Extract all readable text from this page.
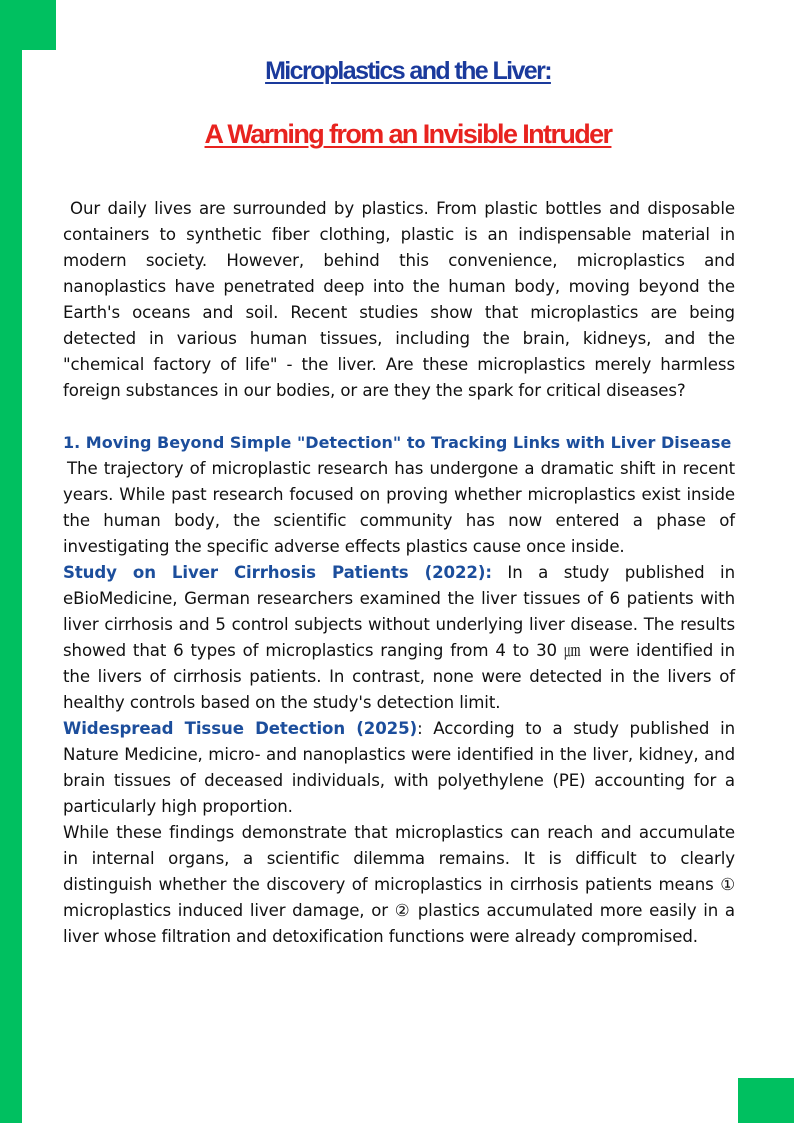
Microplastics and the Liver:
A Warning from an Invisible Intruder

Our daily lives are surrounded by plastics. From plastic bottles and disposable containers to synthetic fiber clothing, plastic is an indispensable material in modern society. However, behind this convenience, microplastics and nanoplastics have penetrated deep into the human body, moving beyond the Earth's oceans and soil. Recent studies show that microplastics are being detected in various human tissues, including the brain, kidneys, and the "chemical factory of life" - the liver. Are these microplastics merely harmless foreign substances in our bodies, or are they the spark for critical diseases?

1. Moving Beyond Simple "Detection" to Tracking Links with Liver Disease

The trajectory of microplastic research has undergone a dramatic shift in recent years. While past research focused on proving whether microplastics exist inside the human body, the scientific community has now entered a phase of investigating the specific adverse effects plastics cause once inside.

Study on Liver Cirrhosis Patients (2022): In a study published in eBioMedicine, German researchers examined the liver tissues of 6 patients with liver cirrhosis and 5 control subjects without underlying liver disease. The results showed that 6 types of microplastics ranging from 4 to 30 ㎛ were identified in the livers of cirrhosis patients. In contrast, none were detected in the livers of healthy controls based on the study's detection limit.

Widespread Tissue Detection (2025): According to a study published in Nature Medicine, micro- and nanoplastics were identified in the liver, kidney, and brain tissues of deceased individuals, with polyethylene (PE) accounting for a particularly high proportion.

While these findings demonstrate that microplastics can reach and accumulate in internal organs, a scientific dilemma remains. It is difficult to clearly distinguish whether the discovery of microplastics in cirrhosis patients means ① microplastics induced liver damage, or ② plastics accumulated more easily in a liver whose filtration and detoxification functions were already compromised.
